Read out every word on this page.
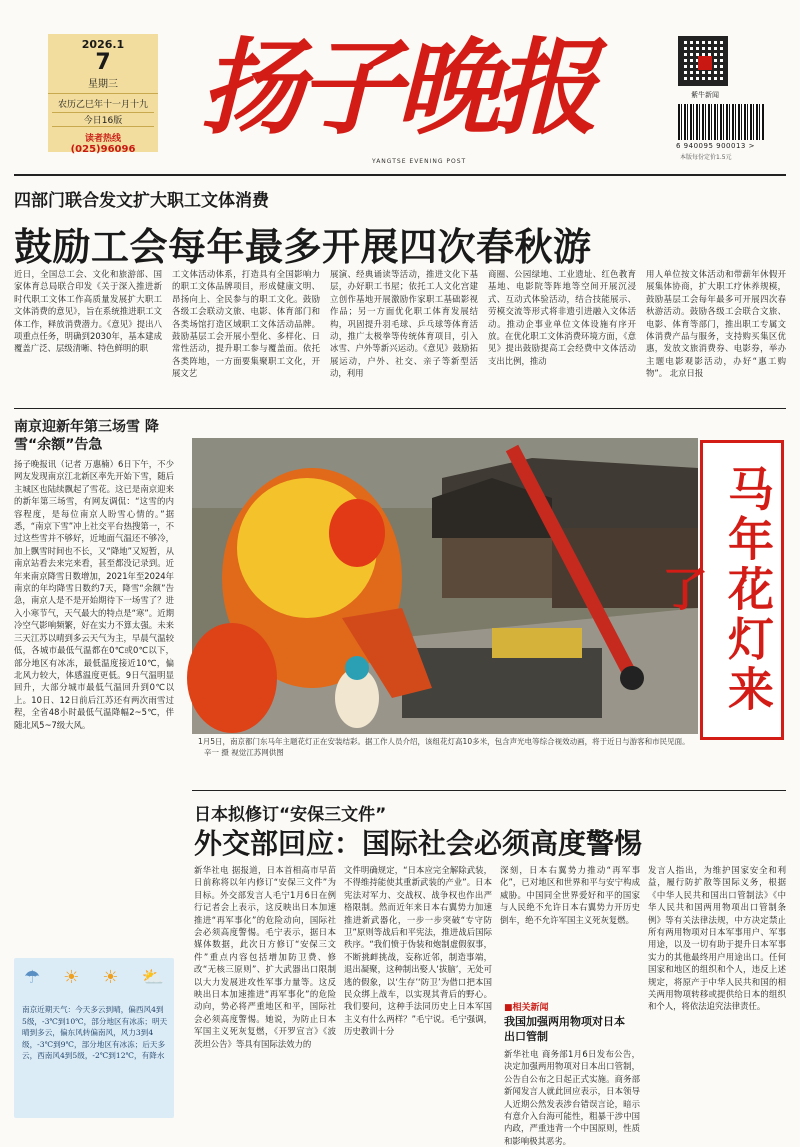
2026.1
7
星期三
农历乙巳年十一月十九
今日16版
读者热线
(025)96096
扬子晚报
YANGTSE EVENING POST
紫牛新闻
6 940095 900013 >
本版每份定价1.5元
四部门联合发文扩大职工文体消费
鼓励工会每年最多开展四次春秋游
近日，全国总工会、文化和旅游部、国家体育总局联合印发《关于深入推进新时代职工文体工作高质量发展扩大职工文体消费的意见》，旨在系统推进职工文体工作，释放消费潜力。《意见》提出八项重点任务，明确到2030年，基本建成覆盖广泛、层级清晰、特色鲜明的职
工文体活动体系，打造具有全国影响力的职工文体品牌项目，形成健康文明、昂扬向上、全民参与的职工文化。鼓励各级工会联动文旅、电影、体育部门和各类场馆打造区域职工文体活动品牌。鼓励基层工会开展小型化、多样化、日常性活动，提升职工参与覆盖面。依托各类阵地，一方面要集聚职工文化，开展文艺
展演、经典诵读等活动，推进文化下基层，办好职工书屋；依托工人文化宫建立创作基地开展激励作家职工基础影视作品；另一方面优化职工体育发展结构，巩固提升羽毛球、乒乓球等体育活动，推广太极拳等传统体育项目，引入冰雪、户外等新兴运动。《意见》鼓励拓展运动，户外、社交、亲子等新型活动，利用
商圈、公园绿地、工业遗址、红色教育基地、电影院等阵地等空间开展沉浸式、互动式体验活动，结合技能展示、劳模交流等形式将非遗引进融入文体活动。推动企事业单位文体设施有序开放。在优化职工文体消费环境方面，《意见》提出鼓励提高工会经费中文体活动支出比例，推动
用人单位按文体活动和带薪年休假开展集体协商，扩大职工疗休养规模，鼓励基层工会每年最多可开展四次春秋游活动。鼓励各级工会联合文旅、电影、体育等部门，推出职工专属文体消费产品与服务，支持购买集区优惠，发放文旅消费券、电影券，举办主题电影观影活动，办好“惠工购物”。 北京日报
南京迎新年第三场雪 降雪“余额”告急
扬子晚报讯（记者 万惠楠）6日下午，不少网友发现南京江北新区率先开始下雪，随后主城区也陆续飘起了雪花。这已是南京迎来的新年第三场雪，有网友调侃：“这雪的内容程度，是每位南京人盼雪心情的。”据悉，“南京下雪”冲上社交平台热搜第一，不过这些雪并不够好，近地面气温还不够冷，加上飘雪时间也不长，又“降地”又短暂，从南京站看去来完来看，甚至都没记录到。近年来南京降雪日数增加，2021年至2024年南京的年均降雪日数约7天，降雪“余额”告急，南京人是不是开始期待下一场雪了？进入小寒节气，天气最大的特点是“寒”。近期冷空气影响频繁，好在实力不算太强。未来三天江苏以晴到多云天气为主，早晨气温较低，各城市最低气温都在0℃或0℃以下，部分地区有冰冻，最低温度接近10℃，偏北风力较大，体感温度更低。9日气温明显回升，大部分城市最低气温回升到0℃以上。10日、12日前后江苏还有两次雨雪过程，全省48小时最低气温降幅2~5℃，伴随北风5~7级大风。
马年花灯来了
1月5日，南京都门东马年主题花灯正在安装结彩。据工作人员介绍，该组花灯高10多米，包含声光电等综合视效动画，将于近日与游客和市民见面。 辛一 摄 视觉江苏网供图
日本拟修订“安保三文件”
外交部回应：国际社会必须高度警惕
新华社电 据报道，日本首相高市早苗日前称将以年内修订“安保三文件”为目标。外交部发言人毛宁1月6日在例行记者会上表示，这反映出日本加速推进“再军事化”的危险动向，国际社会必须高度警惕。毛宁表示，据日本媒体数据，此次日方修订“安保三文件”重点内容包括增加防卫费、修改“无核三原则”、扩大武器出口限制以大力发展进攻性军事力量等。这反映出日本加速推进“再军事化”的危险动向，势必将严重地区和平，国际社会必须高度警惕。她说，为防止日本军国主义死灰复燃，《开罗宣言》《波茨坦公告》等具有国际法效力的
文件明确规定，“日本应完全解除武装，不得维持能使其重新武装的产业”。日本宪法对军力、交战权、战争权也作出严格限制。然而近年来日本右翼势力加速推进新武器化，一步一步突破“专守防卫”原则等战后和平宪法，推进战后国际秩序。“我们愤于伪装和炮制虚假叙事，不断挑衅挑战，妄称近邻，制造事端，退出凝聚，这种制出娶人‘拔脑’，无处可逃的假象，以‘生存’‘防卫’为借口把本国民众绑上战车，以实现其背后的野心。我们要问，这种手法同历史上日本军国主义有什么两样？”毛宁说。毛宁强调，历史教训十分
深刻，日本右翼势力推动“再军事化”，已对地区和世界和平与安宁构成威胁。中国同全世界爱好和平的国家与人民绝不允许日本右翼势力开历史倒车，绝不允许军国主义死灰复燃。
■相关新闻
我国加强两用物项对日本出口管制
新华社电 商务部1月6日发布公告，决定加强两用物项对日本出口管制，公告自公布之日起正式实施。商务部新闻发言人就此回应表示，日本领导人近期公然发表涉台错误言论，暗示有意介入台海可能性，粗暴干涉中国内政，严重违背一个中国原则，性质和影响极其恶劣。
发言人指出，为维护国家安全和利益，履行防扩散等国际义务，根据《中华人民共和国出口管制法》《中华人民共和国两用物项出口管制条例》等有关法律法规，中方决定禁止所有两用物项对日本军事用户、军事用途，以及一切有助于提升日本军事实力的其他最终用户用途出口。任何国家和地区的组织和个人，违反上述规定，将原产于中华人民共和国的相关两用物项转移或提供给日本的组织和个人，将依法追究法律责任。
☂ ☀ ☀ ⛅
南京近期天气：今天多云到晴，偏西风4到5级，-3℃到10℃，部分地区有冰冻；明天晴到多云，偏东风转偏南风，风力3到4级，-3℃到9℃，部分地区有冰冻；后天多云，西南风4到5级，-2℃到12℃，有降水
